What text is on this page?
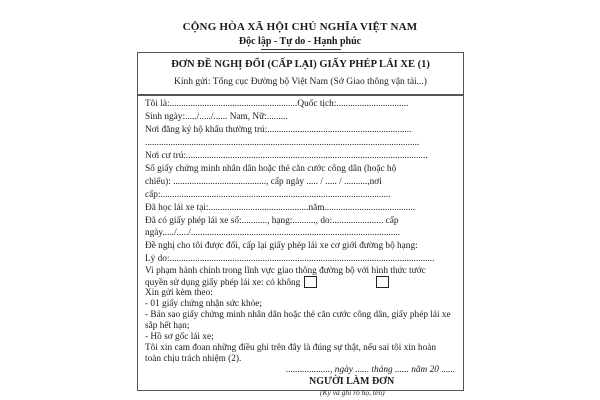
CỘNG HÒA XÃ HỘI CHỦ NGHĨA VIỆT NAM
Độc lập - Tự do - Hạnh phúc
ĐƠN ĐỀ NGHỊ ĐỔI (CẤP LẠI) GIẤY PHÉP LÁI XE (1)
Kính gửi: Tổng cục Đường bộ Việt Nam (Sở Giao thông vận tải...)
Tôi là:.......................................................Quốc tịch:...............................
Sinh ngày:...../...../...... Nam, Nữ:.........
Nơi đăng ký hộ khẩu thường trú:..............................................................
......................................................................................................................
Nơi cư trú:........................................................................................................
Số giấy chứng minh nhân dân hoặc thẻ căn cước công dân (hoặc hộ
chiếu): ........................................, cấp ngày ..... / ..... / ..........,nơi
cấp:...................................................................................................
Đã học lái xe tại:...........................................năm.......................................
Đã có giấy phép lái xe số:..........., hạng:.........., do:...................... cấp
ngày...../...../..........................................................................................
Đề nghị cho tôi được đổi, cấp lại giấy phép lái xe cơ giới đường bộ hạng:
Lý do:..................................................................................................................
Vi phạm hành chính trong lĩnh vực giao thông đường bộ với hình thức tước
quyền sử dụng giấy phép lái xe: có không
Xin gửi kèm theo:
- 01 giấy chứng nhận sức khỏe;
- Bản sao giấy chứng minh nhân dân hoặc thẻ căn cước công dân, giấy phép lái xe
sắp hết hạn;
- Hồ sơ gốc lái xe;
..................., ngày ...... tháng ...... năm 20 ......
NGƯỜI LÀM ĐƠN
(Ký và ghi rõ họ, tên)
Tôi xin cam đoan những điều ghi trên đây là đúng sự thật, nếu sai tôi xin hoàn
toàn chịu trách nhiệm (2).
